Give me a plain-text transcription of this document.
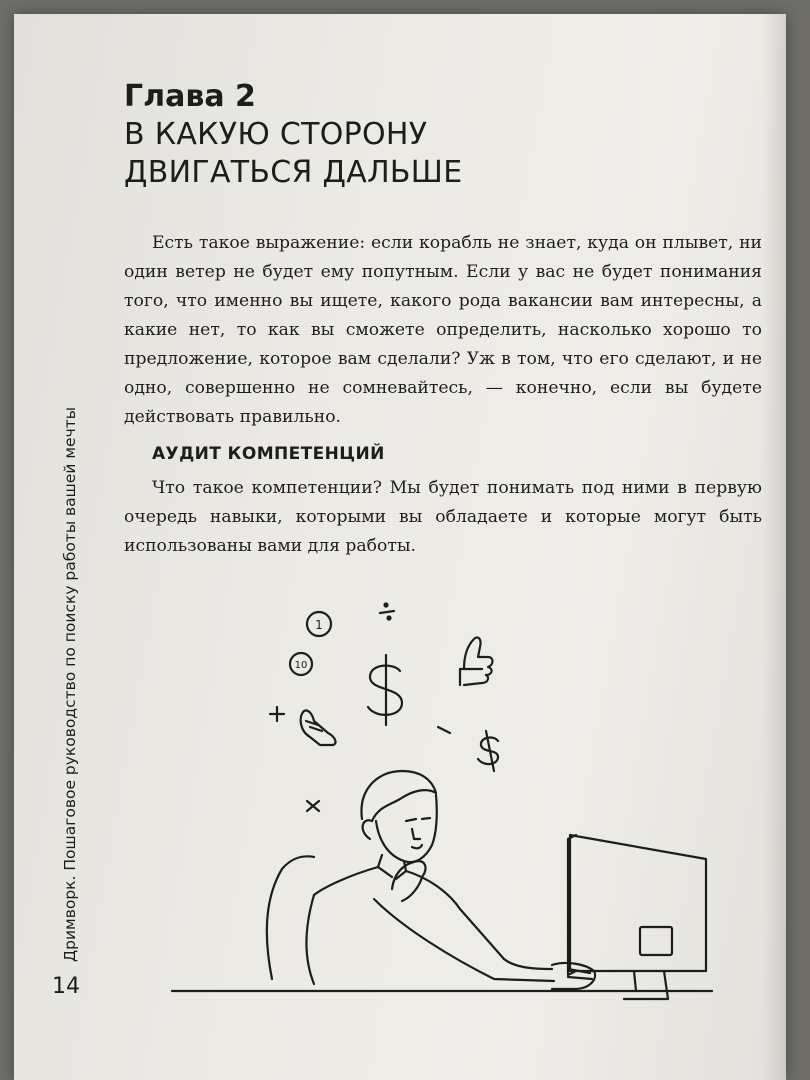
Глава 2
В КАКУЮ СТОРОНУ
ДВИГАТЬСЯ ДАЛЬШЕ

Есть такое выражение: если корабль не знает, куда он плывет, ни один ветер не будет ему попутным. Если у вас не будет понимания того, что именно вы ищете, какого рода вакансии вам интересны, а какие нет, то как вы сможете определить, насколько хорошо то предложение, которое вам сделали? Уж в том, что его сделают, и не одно, совершенно не сомневайтесь, — конечно, если вы будете действовать правильно.

АУДИТ КОМПЕТЕНЦИЙ

Что такое компетенции? Мы будет понимать под ними в первую очередь навыки, которыми вы обладаете и которые могут быть использованы вами для работы.

1
10
Дримворк. Пошаговое руководство по поиску работы вашей мечты
14
